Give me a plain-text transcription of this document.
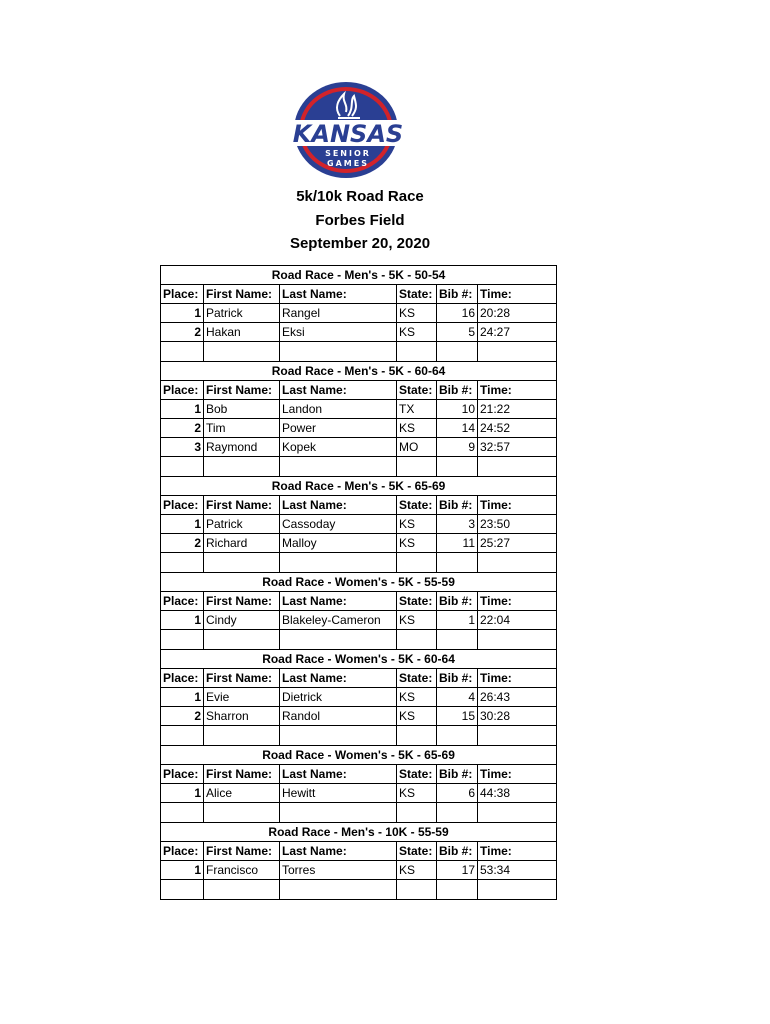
KANSAS
SENIOR
GAMES
5k/10k Road Race
Forbes Field
September 20, 2020
Road Race - Men's - 5K - 50-54					
Place:	First Name:	Last Name:	State:	Bib #:	Time:
1	Patrick	Rangel	KS	16	20:28
2	Hakan	Eksi	KS	5	24:27

Road Race - Men's - 5K - 60-64					
Place:	First Name:	Last Name:	State:	Bib #:	Time:
1	Bob	Landon	TX	10	21:22
2	Tim	Power	KS	14	24:52
3	Raymond	Kopek	MO	9	32:57

Road Race - Men's - 5K - 65-69					
Place:	First Name:	Last Name:	State:	Bib #:	Time:
1	Patrick	Cassoday	KS	3	23:50
2	Richard	Malloy	KS	11	25:27

Road Race - Women's - 5K - 55-59					
Place:	First Name:	Last Name:	State:	Bib #:	Time:
1	Cindy	Blakeley-Cameron	KS	1	22:04

Road Race - Women's - 5K - 60-64					
Place:	First Name:	Last Name:	State:	Bib #:	Time:
1	Evie	Dietrick	KS	4	26:43
2	Sharron	Randol	KS	15	30:28

Road Race - Women's - 5K - 65-69					
Place:	First Name:	Last Name:	State:	Bib #:	Time:
1	Alice	Hewitt	KS	6	44:38

Road Race - Men's - 10K - 55-59					
Place:	First Name:	Last Name:	State:	Bib #:	Time:
1	Francisco	Torres	KS	17	53:34
